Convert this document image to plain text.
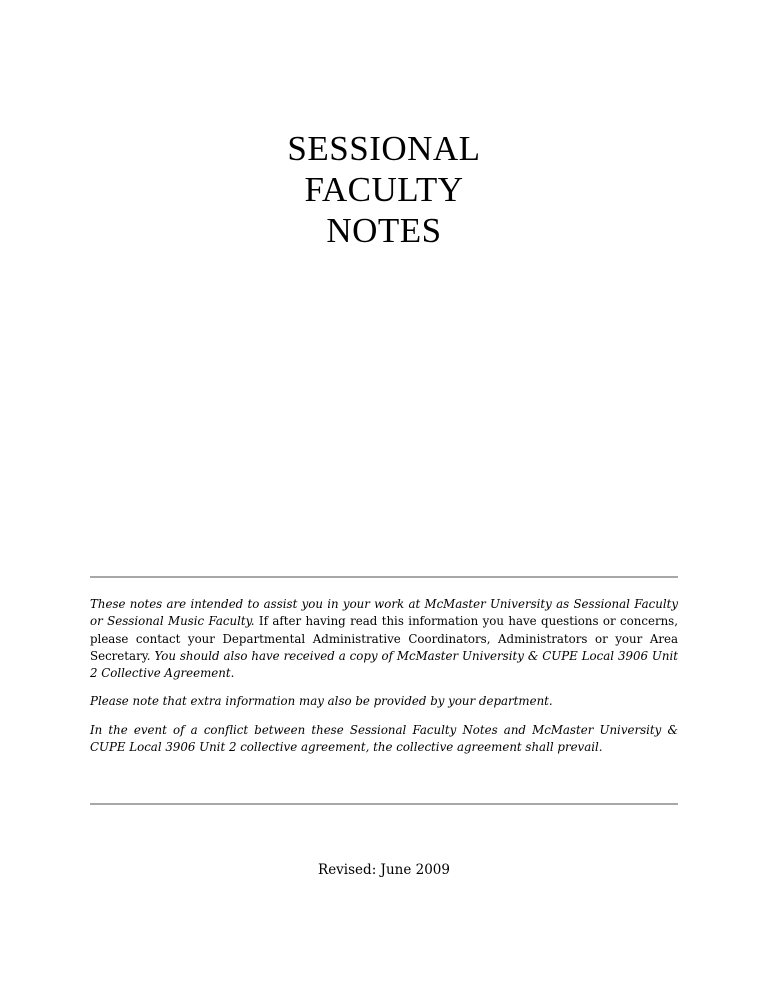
SESSIONAL
FACULTY
NOTES

These notes are intended to assist you in your work at McMaster University as Sessional Faculty or Sessional Music Faculty. If after having read this information you have questions or concerns, please contact your Departmental Administrative Coordinators, Administrators or your Area Secretary. You should also have received a copy of McMaster University & CUPE Local 3906 Unit 2 Collective Agreement.

Please note that extra information may also be provided by your department.

In the event of a conflict between these Sessional Faculty Notes and McMaster University & CUPE Local 3906 Unit 2 collective agreement, the collective agreement shall prevail.

Revised: June 2009
